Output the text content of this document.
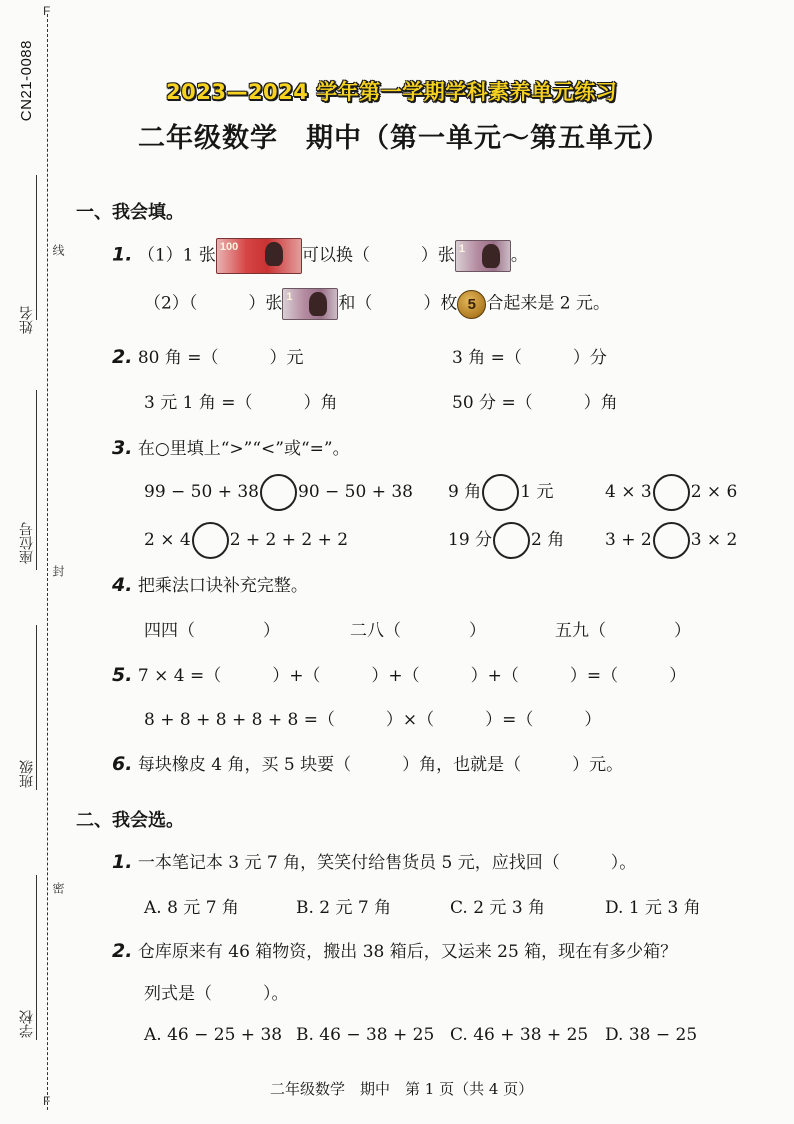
CN21-0088
F
F
线
封
密
姓名
座位号
班级
学校
2023—2024 学年第一学期学科素养单元练习
二年级数学　期中（第一单元～第五单元）
一、我会填。
1. （1）1 张 100	可以换（　　　）张 1	。
（2）（　　　）张 1	和（　　　）枚 5 合起来是 2 元。
2. 80 角 =（　　　）元	3 角 =（　　　）分
3 元 1 角 =（　　　）角	50 分 =（　　　）角
3. 在○里填上“>”“<”或“=”。
99 − 50 + 38 90 − 50 + 38 9 角 1 元	4 × 3 2 × 6
2 × 4 2 + 2 + 2 + 2	19 分 2 角 3 + 2 3 × 2
4. 把乘法口诀补充完整。
四四（　　　　）	二八（　　　　）	五九（　　　　）
5. 7 × 4 =（　　　）+（　　　）+（　　　）+（　　　）=（　　　）
8 + 8 + 8 + 8 + 8 =（　　　）×（　　　）=（　　　）
6. 每块橡皮 4 角，买 5 块要（　　　）角，也就是（　　　）元。
二、我会选。
1. 一本笔记本 3 元 7 角，笑笑付给售货员 5 元，应找回（　　　）。
A. 8 元 7 角	B. 2 元 7 角	C. 2 元 3 角	D. 1 元 3 角
2. 仓库原来有 46 箱物资，搬出 38 箱后，又运来 25 箱，现在有多少箱？
列式是（　　　）。
A. 46 − 25 + 38 B. 46 − 38 + 25 C. 46 + 38 + 25 D. 38 − 25
二年级数学　期中　第 1 页（共 4 页）
